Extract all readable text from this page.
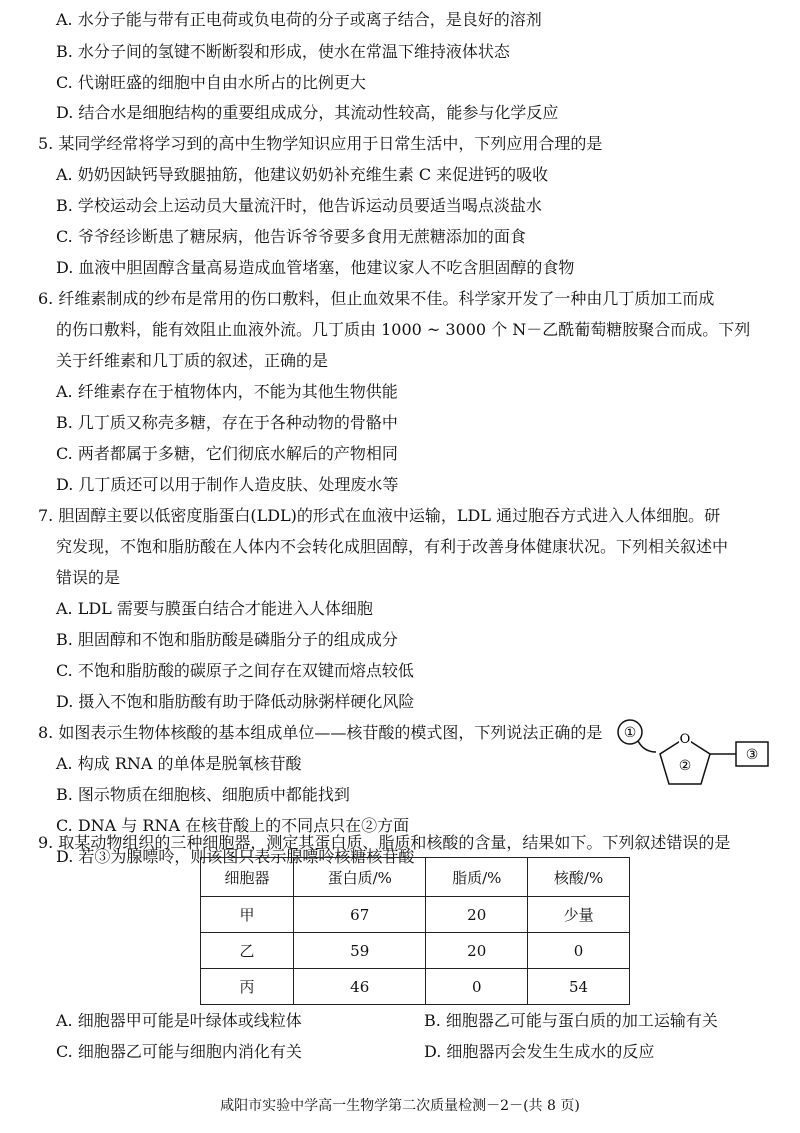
A. 水分子能与带有正电荷或负电荷的分子或离子结合，是良好的溶剂
B. 水分子间的氢键不断断裂和形成，使水在常温下维持液体状态
C. 代谢旺盛的细胞中自由水所占的比例更大
D. 结合水是细胞结构的重要组成成分，其流动性较高，能参与化学反应
5. 某同学经常将学习到的高中生物学知识应用于日常生活中，下列应用合理的是
A. 奶奶因缺钙导致腿抽筋，他建议奶奶补充维生素 C 来促进钙的吸收
B. 学校运动会上运动员大量流汗时，他告诉运动员要适当喝点淡盐水
C. 爷爷经诊断患了糖尿病，他告诉爷爷要多食用无蔗糖添加的面食
D. 血液中胆固醇含量高易造成血管堵塞，他建议家人不吃含胆固醇的食物
6. 纤维素制成的纱布是常用的伤口敷料，但止血效果不佳。科学家开发了一种由几丁质加工而成
的伤口敷料，能有效阻止血液外流。几丁质由 1000 ~ 3000 个 N－乙酰葡萄糖胺聚合而成。下列
关于纤维素和几丁质的叙述，正确的是
A. 纤维素存在于植物体内，不能为其他生物供能
B. 几丁质又称壳多糖，存在于各种动物的骨骼中
C. 两者都属于多糖，它们彻底水解后的产物相同
D. 几丁质还可以用于制作人造皮肤、处理废水等
7. 胆固醇主要以低密度脂蛋白(LDL)的形式在血液中运输，LDL 通过胞吞方式进入人体细胞。研
究发现，不饱和脂肪酸在人体内不会转化成胆固醇，有利于改善身体健康状况。下列相关叙述中
错误的是
A. LDL 需要与膜蛋白结合才能进入人体细胞
B. 胆固醇和不饱和脂肪酸是磷脂分子的组成成分
C. 不饱和脂肪酸的碳原子之间存在双键而熔点较低
D. 摄入不饱和脂肪酸有助于降低动脉粥样硬化风险
8. 如图表示生物体核酸的基本组成单位——核苷酸的模式图，下列说法正确的是
A. 构成 RNA 的单体是脱氧核苷酸
B. 图示物质在细胞核、细胞质中都能找到
C. DNA 与 RNA 在核苷酸上的不同点只在②方面
D. 若③为腺嘌呤，则该图只表示腺嘌呤核糖核苷酸
①	O
②
③
9. 取某动物组织的三种细胞器，测定其蛋白质、脂质和核酸的含量，结果如下。下列叙述错误的是
细胞器	蛋白质/%	脂质/%	核酸/%
甲	67	20	少量
乙	59	20	0
丙	46	0	54
A. 细胞器甲可能是叶绿体或线粒体	B. 细胞器乙可能与蛋白质的加工运输有关
C. 细胞器乙可能与细胞内消化有关	D. 细胞器丙会发生生成水的反应
咸阳市实验中学高一生物学第二次质量检测－2－(共 8 页)
